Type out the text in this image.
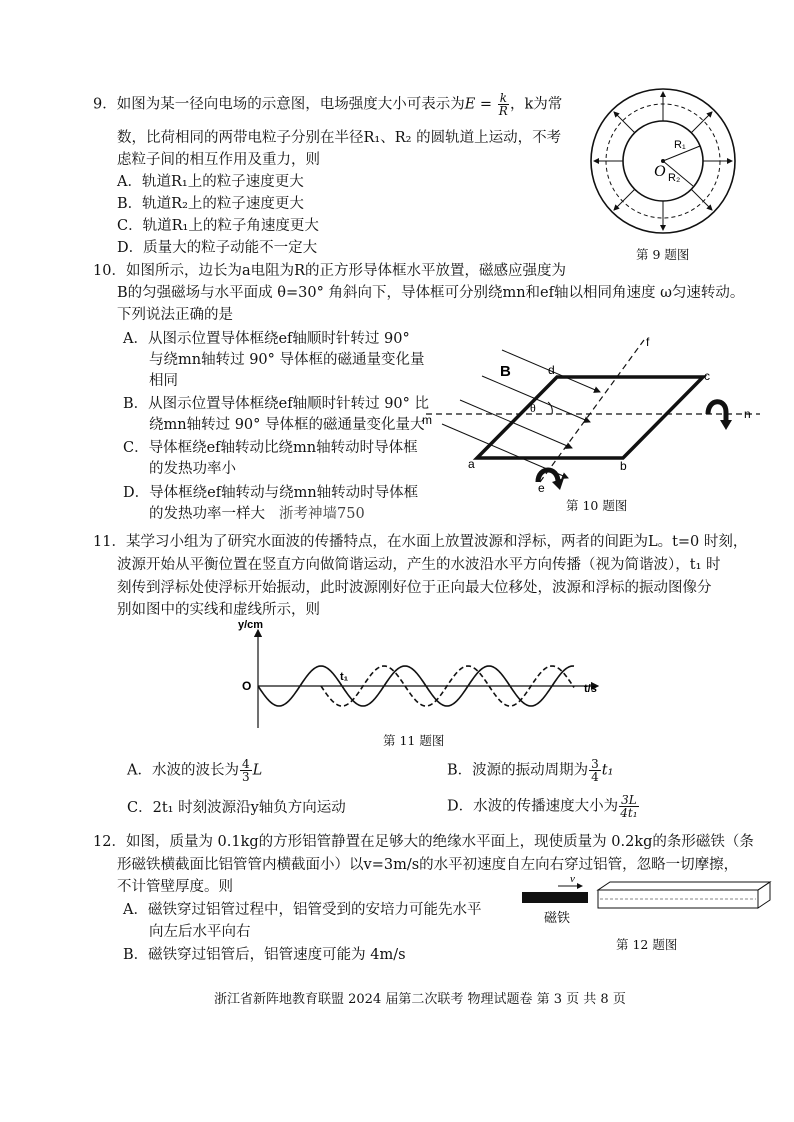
9．如图为某一径向电场的示意图，电场强度大小可表示为$E = \frac{k}{R}$ ，k为常
数，比荷相同的两带电粒子分别在半径R₁、R₂ 的圆轨道上运动，不考
虑粒子间的相互作用及重力，则
A．轨道R₁上的粒子速度更大
B．轨道R₂上的粒子速度更大
C．轨道R₁上的粒子角速度更大
D．质量大的粒子动能不一定大
R₁
O R₂
第 9 题图
10．如图所示，边长为a电阻为R的正方形导体框水平放置，磁感应强度为
B的匀强磁场与水平面成 θ=30° 角斜向下，导体框可分别绕mn和ef轴以相同角速度 ω匀速转动。
下列说法正确的是
A．从图示位置导体框绕ef轴顺时针转过 90°
与绕mn轴转过 90° 导体框的磁通量变化量
相同
B．从图示位置导体框绕ef轴顺时针转过 90° 比
绕mn轴转过 90° 导体框的磁通量变化量大
C．导体框绕ef轴转动比绕mn轴转动时导体框
的发热功率小
D．导体框绕ef轴转动与绕mn轴转动时导体框
的发热功率一样大 浙考神墙750
θ
B	d	c
a	b
e
f
m	n
第 10 题图
11．某学习小组为了研究水面波的传播特点，在水面上放置波源和浮标，两者的间距为L。t=0 时刻，
波源开始从平衡位置在竖直方向做简谐运动，产生的水波沿水平方向传播（视为简谐波），t₁ 时
刻传到浮标处使浮标开始振动，此时波源刚好位于正向最大位移处，波源和浮标的振动图像分
别如图中的实线和虚线所示，则
y/cm
t/s
O
t₁
第 11 题图
A．水波的波长为 $\frac{4}{3}$ L	B．波源的振动周期为 $\frac{3}{4} t_1$
C．2t₁ 时刻波源沿y轴负方向运动	D．水波的传播速度大小为 $\frac{3L}{\text{4t₁}}$
12．如图，质量为 0.1kg的方形铝管静置在足够大的绝缘水平面上，现使质量为 0.2kg的条形磁铁（条
形磁铁横截面比铝管管内横截面小）以v=3m/s的水平初速度自左向右穿过铝管，忽略一切摩擦，
不计管壁厚度。则
A．磁铁穿过铝管过程中，铝管受到的安培力可能先水平
向左后水平向右
B．磁铁穿过铝管后，铝管速度可能为 4m/s
v
磁铁
第 12 题图
浙江省新阵地教育联盟 2024 届第二次联考 物理试题卷 第 3 页 共 8 页
